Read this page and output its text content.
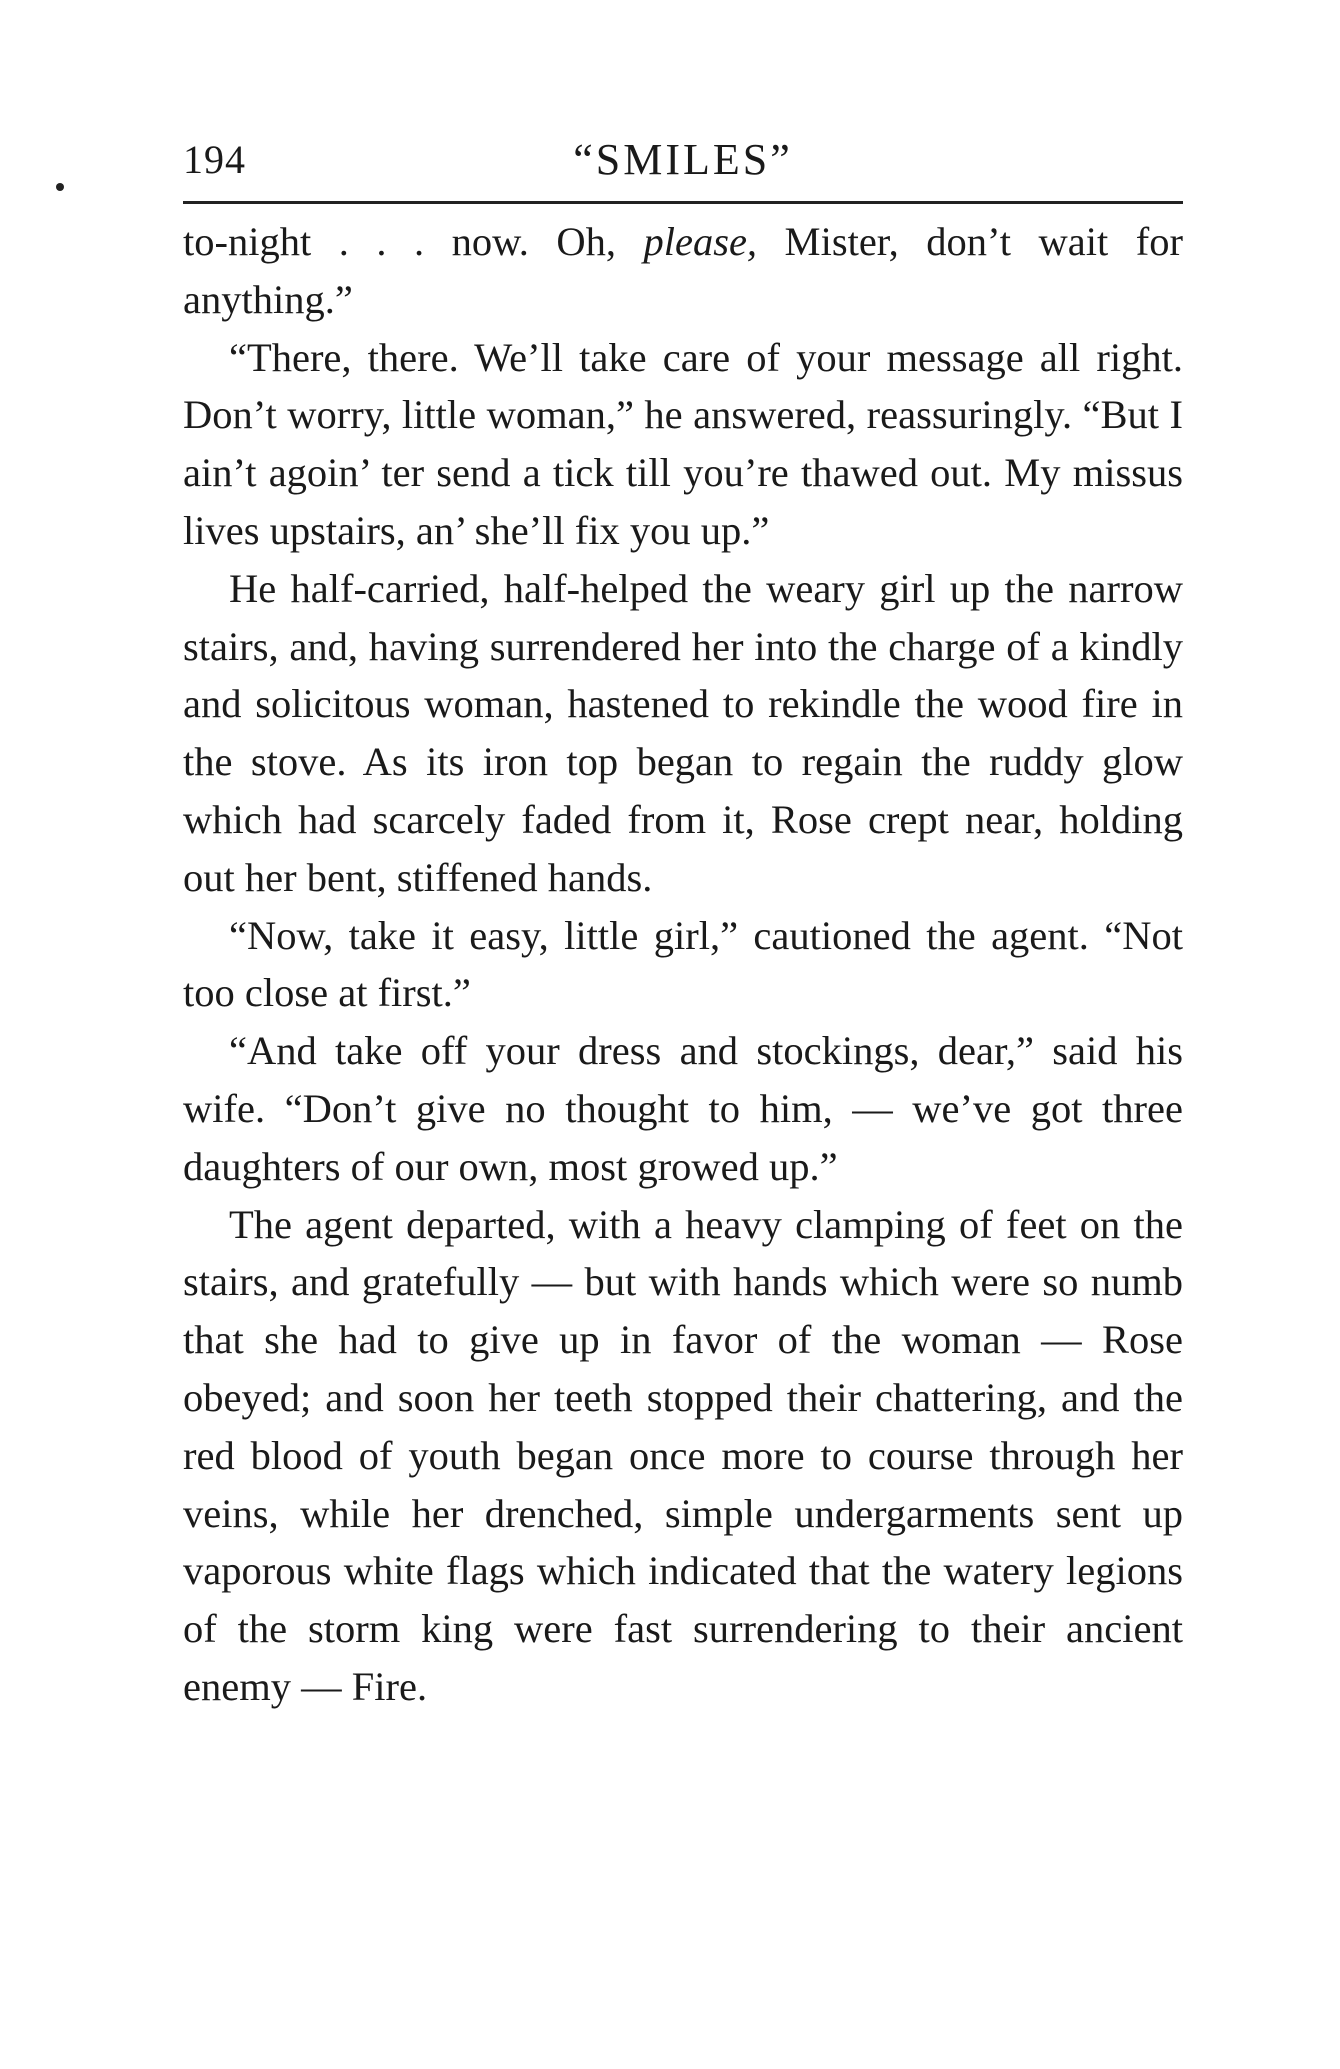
194	“SMILES”

to-night . . . now. Oh, please, Mister, don’t wait for anything.”

“There, there. We’ll take care of your message all right. Don’t worry, little woman,” he answered, reassuringly. “But I ain’t agoin’ ter send a tick till you’re thawed out. My missus lives upstairs, an’ she’ll fix you up.”

He half-carried, half-helped the weary girl up the narrow stairs, and, having surrendered her into the charge of a kindly and solicitous woman, hastened to rekindle the wood fire in the stove. As its iron top began to regain the ruddy glow which had scarcely faded from it, Rose crept near, holding out her bent, stiffened hands.

“Now, take it easy, little girl,” cautioned the agent. “Not too close at first.”

“And take off your dress and stockings, dear,” said his wife. “Don’t give no thought to him, — we’ve got three daughters of our own, most growed up.”

The agent departed, with a heavy clamping of feet on the stairs, and gratefully — but with hands which were so numb that she had to give up in favor of the woman — Rose obeyed; and soon her teeth stopped their chattering, and the red blood of youth began once more to course through her veins, while her drenched, simple undergarments sent up vaporous white flags which indicated that the watery legions of the storm king were fast surrendering to their ancient enemy — Fire.
